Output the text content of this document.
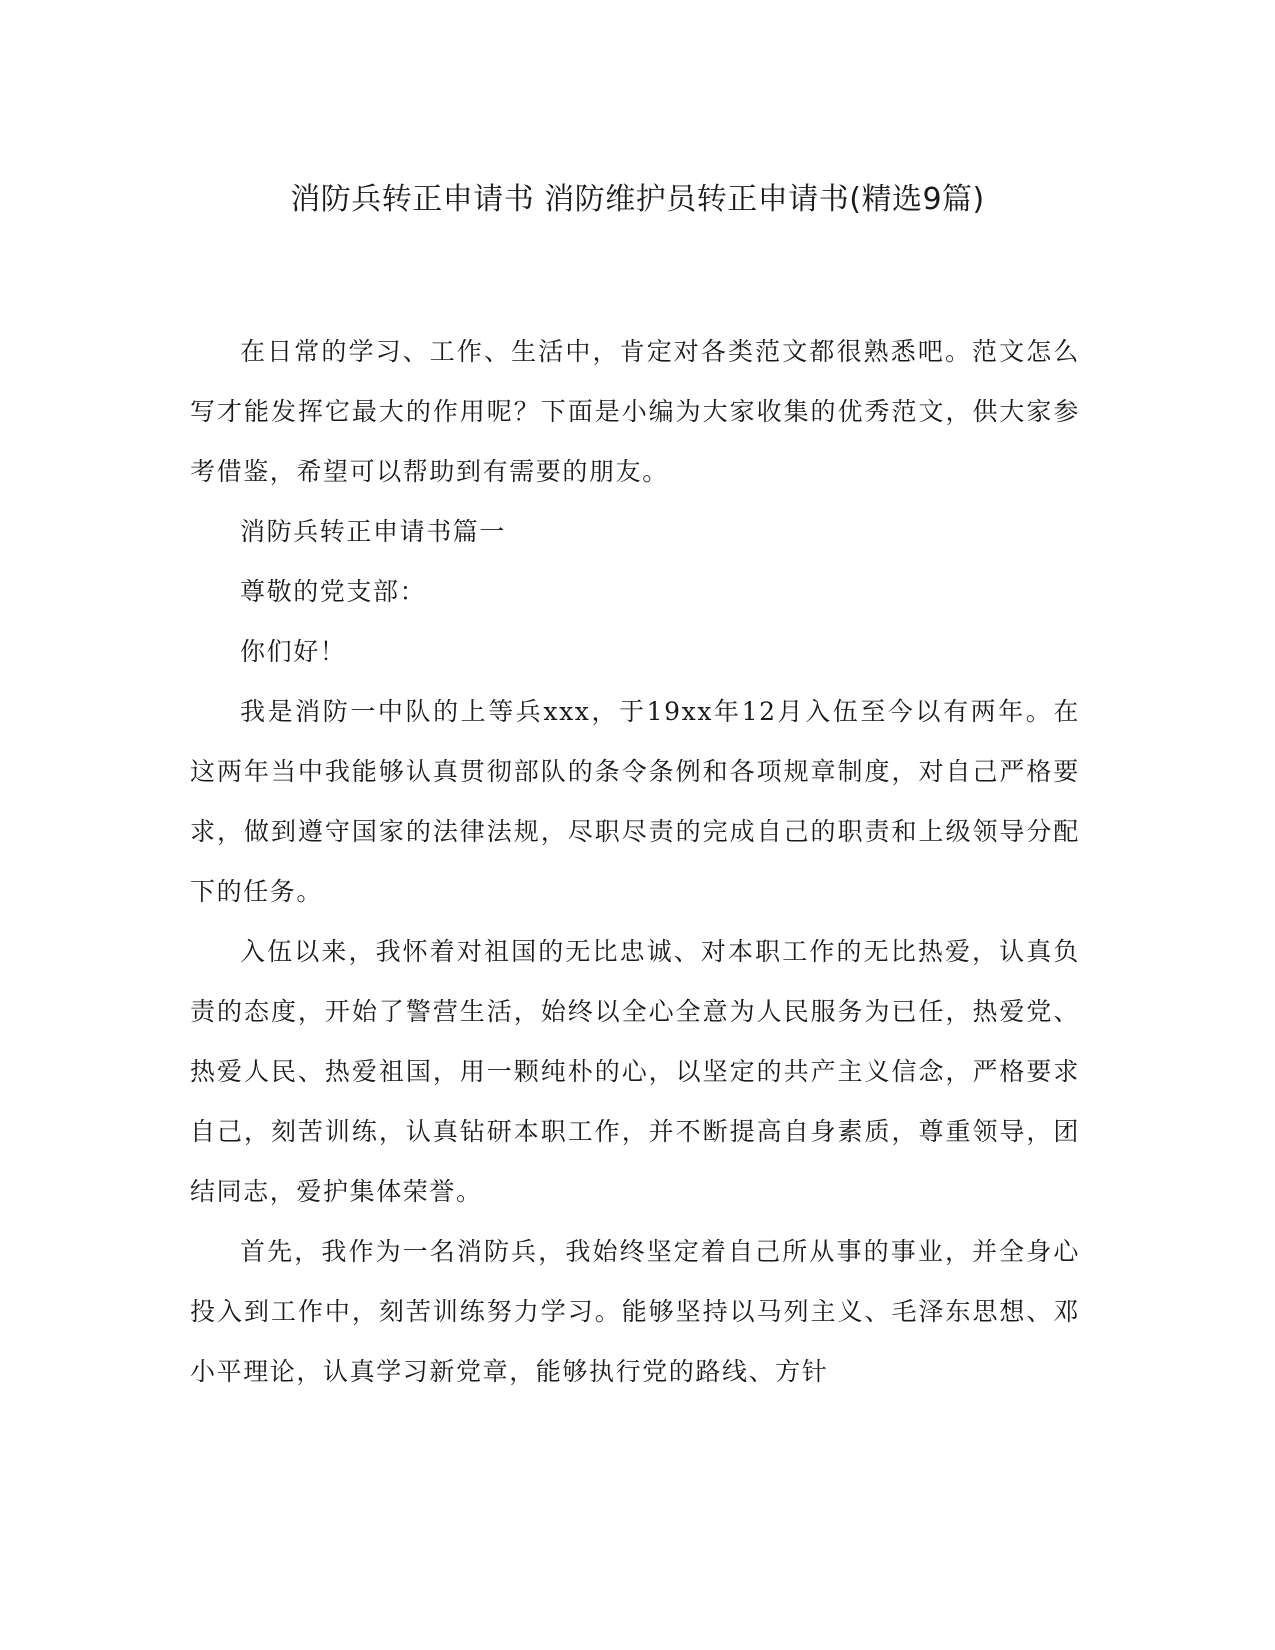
消防兵转正申请书 消防维护员转正申请书(精选9篇)

在日常的学习、工作、生活中，肯定对各类范文都很熟悉吧。范文怎么写才能发挥它最大的作用呢？下面是小编为大家收集的优秀范文，供大家参考借鉴，希望可以帮助到有需要的朋友。

消防兵转正申请书篇一

尊敬的党支部：

你们好！

我是消防一中队的上等兵xxx，于19xx年12月入伍至今以有两年。在这两年当中我能够认真贯彻部队的条令条例和各项规章制度，对自己严格要求，做到遵守国家的法律法规，尽职尽责的完成自己的职责和上级领导分配下的任务。

入伍以来，我怀着对祖国的无比忠诚、对本职工作的无比热爱，认真负责的态度，开始了警营生活，始终以全心全意为人民服务为已任，热爱党、热爱人民、热爱祖国，用一颗纯朴的心，以坚定的共产主义信念，严格要求自己，刻苦训练，认真钻研本职工作，并不断提高自身素质，尊重领导，团结同志，爱护集体荣誉。

首先，我作为一名消防兵，我始终坚定着自己所从事的事业，并全身心投入到工作中，刻苦训练努力学习。能够坚持以马列主义、毛泽东思想、邓小平理论，认真学习新党章，能够执行党的路线、方针
